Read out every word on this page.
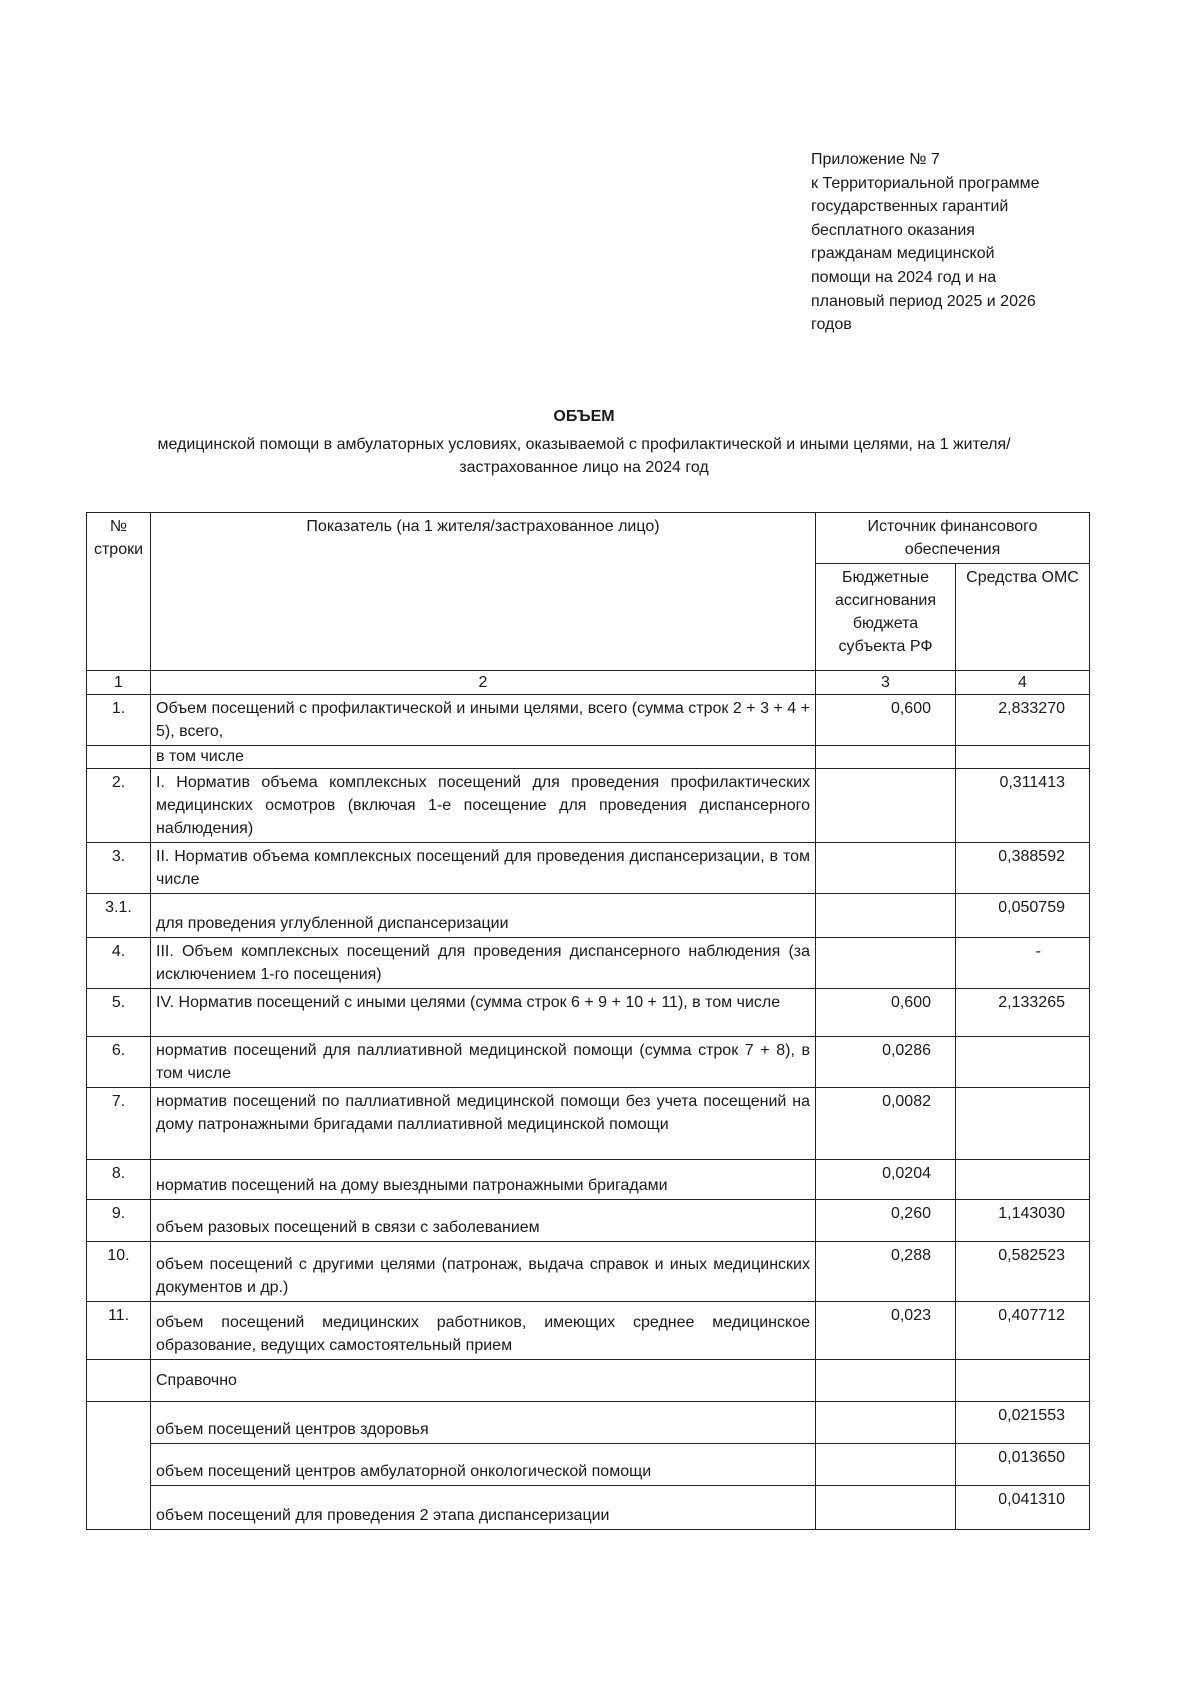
Приложение № 7
к Территориальной программе
государственных гарантий
бесплатного оказания
гражданам медицинской
помощи на 2024 год и на
плановый период 2025 и 2026
годов
ОБЪЕМ
медицинской помощи в амбулаторных условиях, оказываемой с профилактической и иными целями, на 1 жителя/застрахованное лицо на 2024 год
№ строки	Показатель (на 1 жителя/застрахованное лицо)	Источник финансового обеспечения	
		Бюджетные ассигнования бюджета субъекта РФ	Средства ОМС
1	2	3	4
1.	Объем посещений с профилактической и иными целями, всего (сумма строк 2 + 3 + 4 + 5), всего,	0,600	2,833270
	в том числе		
2.	I. Норматив объема комплексных посещений для проведения профилактических медицинских осмотров (включая 1-е посещение для проведения диспансерного наблюдения)		0,311413
3.	II. Норматив объема комплексных посещений для проведения диспансеризации, в том числе		0,388592
3.1.	для проведения углубленной диспансеризации		0,050759
4.	III. Объем комплексных посещений для проведения диспансерного наблюдения (за исключением 1-го посещения)		-
5.	IV. Норматив посещений с иными целями (сумма строк 6 + 9 + 10 + 11), в том числе	0,600	2,133265
6.	норматив посещений для паллиативной медицинской помощи (сумма строк 7 + 8), в том числе	0,0286	
7.	норматив посещений по паллиативной медицинской помощи без учета посещений на дому патронажными бригадами паллиативной медицинской помощи	0,0082	
8.	норматив посещений на дому выездными патронажными бригадами	0,0204	
9.	объем разовых посещений в связи с заболеванием	0,260	1,143030
10.	объем посещений с другими целями (патронаж, выдача справок и иных медицинских документов и др.)	0,288	0,582523
11.	объем посещений медицинских работников, имеющих среднее медицинское образование, ведущих самостоятельный прием	0,023	0,407712
	Справочно		
	объем посещений центров здоровья		0,021553
	объем посещений центров амбулаторной онкологической помощи		0,013650
	объем посещений для проведения 2 этапа диспансеризации		0,041310
